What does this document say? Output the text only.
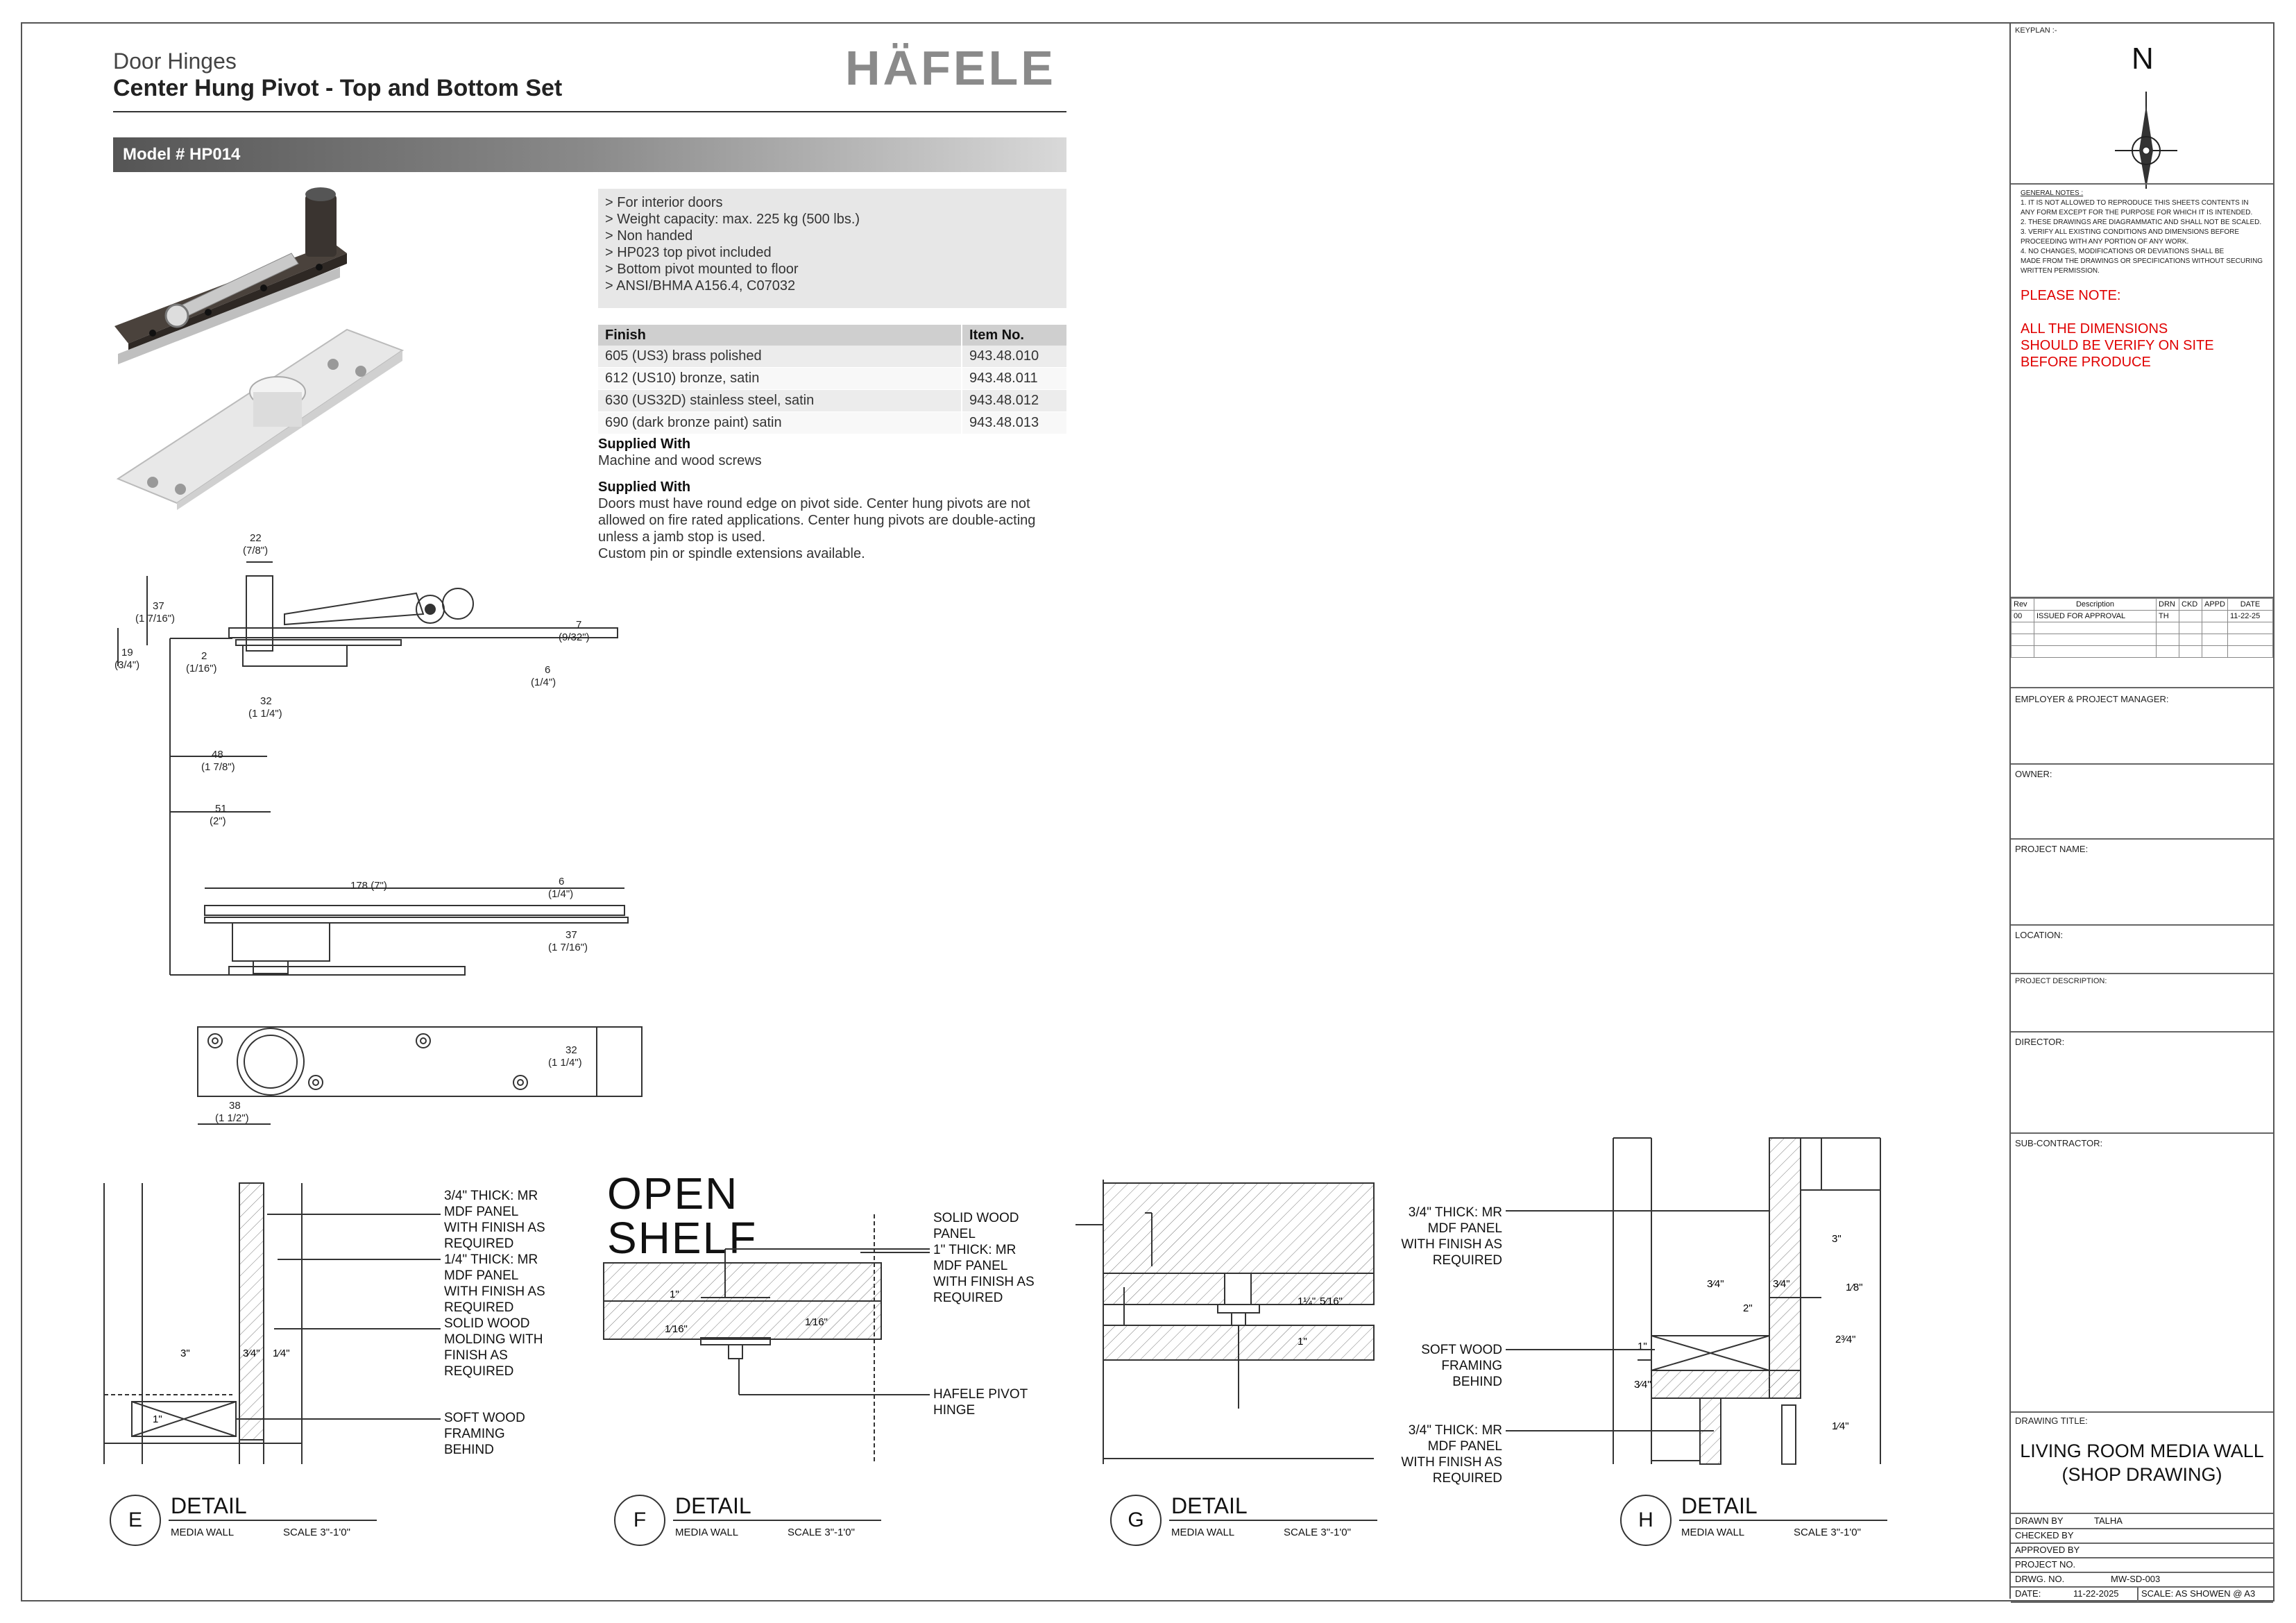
Door Hinges
Center Hung Pivot - Top and Bottom Set	HÄFELE
Model # HP014
> For interior doors
> Weight capacity: max. 225 kg (500 lbs.)
> Non handed
> HP023 top pivot included
> Bottom pivot mounted to floor
> ANSI/BHMA A156.4, C07032
Finish	Item No.
605 (US3) brass polished	943.48.010
612 (US10) bronze, satin	943.48.011
630 (US32D) stainless steel, satin	943.48.012
690 (dark bronze paint) satin	943.48.013
Supplied With
Machine and wood screws
Supplied With
Doors must have round edge on pivot side. Center hung pivots are not
allowed on fire rated applications. Center hung pivots are double-acting
unless a jamb stop is used.
Custom pin or spindle extensions available.
22
(7/8")
37
(1 7/16")
19
(3/4")
2
(1/16")
7
(9/32")
6
(1/4")
32
(1 1/4")
48
(1 7/8")
51
(2")
178 (7")	6
(1/4")
37
(1 7/16")
32
(1 1/4")
38
(1 1/2")
3"	3⁄4" 1⁄4"
1"
3/4" THICK: MR
MDF PANEL
WITH FINISH AS
REQUIRED
1/4" THICK: MR
MDF PANEL
WITH FINISH AS
REQUIRED
SOLID WOOD
MOLDING WITH
FINISH AS
REQUIRED
SOFT WOOD
FRAMING
BEHIND
OPEN SHELF
1"
1⁄16"
1⁄16"
SOLID WOOD
PANEL
1" THICK: MR
MDF PANEL
WITH FINISH AS
REQUIRED
HAFELE PIVOT
HINGE
1¼" 5⁄16"
1"
3⁄4"	3⁄4"
2"
3"
1⁄8"
2³⁄4"
1"
3⁄4"
1⁄4"
3/4" THICK: MR
MDF PANEL
WITH FINISH AS
REQUIRED
SOFT WOOD
FRAMING
BEHIND
3/4" THICK: MR
MDF PANEL
WITH FINISH AS
REQUIRED
E
DETAIL
MEDIA WALL	SCALE 3"-1'0"
F
DETAIL
MEDIA WALL	SCALE 3"-1'0"
G
DETAIL
MEDIA WALL	SCALE 3"-1'0"
H
DETAIL
MEDIA WALL	SCALE 3"-1'0"
KEYPLAN :-
N
GENERAL NOTES :
1. IT IS NOT ALLOWED TO REPRODUCE THIS SHEETS CONTENTS IN
ANY FORM EXCEPT FOR THE PURPOSE FOR WHICH IT IS INTENDED.
2. THESE DRAWINGS ARE DIAGRAMMATIC AND SHALL NOT BE SCALED.
3. VERIFY ALL EXISTING CONDITIONS AND DIMENSIONS BEFORE
PROCEEDING WITH ANY PORTION OF ANY WORK.
4. NO CHANGES, MODIFICATIONS OR DEVIATIONS SHALL BE
MADE FROM THE DRAWINGS OR SPECIFICATIONS WITHOUT SECURING
WRITTEN PERMISSION.
PLEASE NOTE:
ALL THE DIMENSIONS
SHOULD BE VERIFY ON SITE
BEFORE PRODUCE
Rev	Description	DRN	CKD	APPD	DATE
00	ISSUED FOR APPROVAL	TH			11-22-25

EMPLOYER & PROJECT MANAGER:
OWNER:
PROJECT NAME:
LOCATION:
PROJECT DESCRIPTION:
DIRECTOR:
SUB-CONTRACTOR:
DRAWING TITLE:
LIVING ROOM MEDIA WALL
(SHOP DRAWING)
DRAWN BY	TALHA
CHECKED BY
APPROVED BY
PROJECT NO.
DRWG. NO.	MW-SD-003
DATE:	11-22-2025 SCALE: AS SHOWEN @ A3
